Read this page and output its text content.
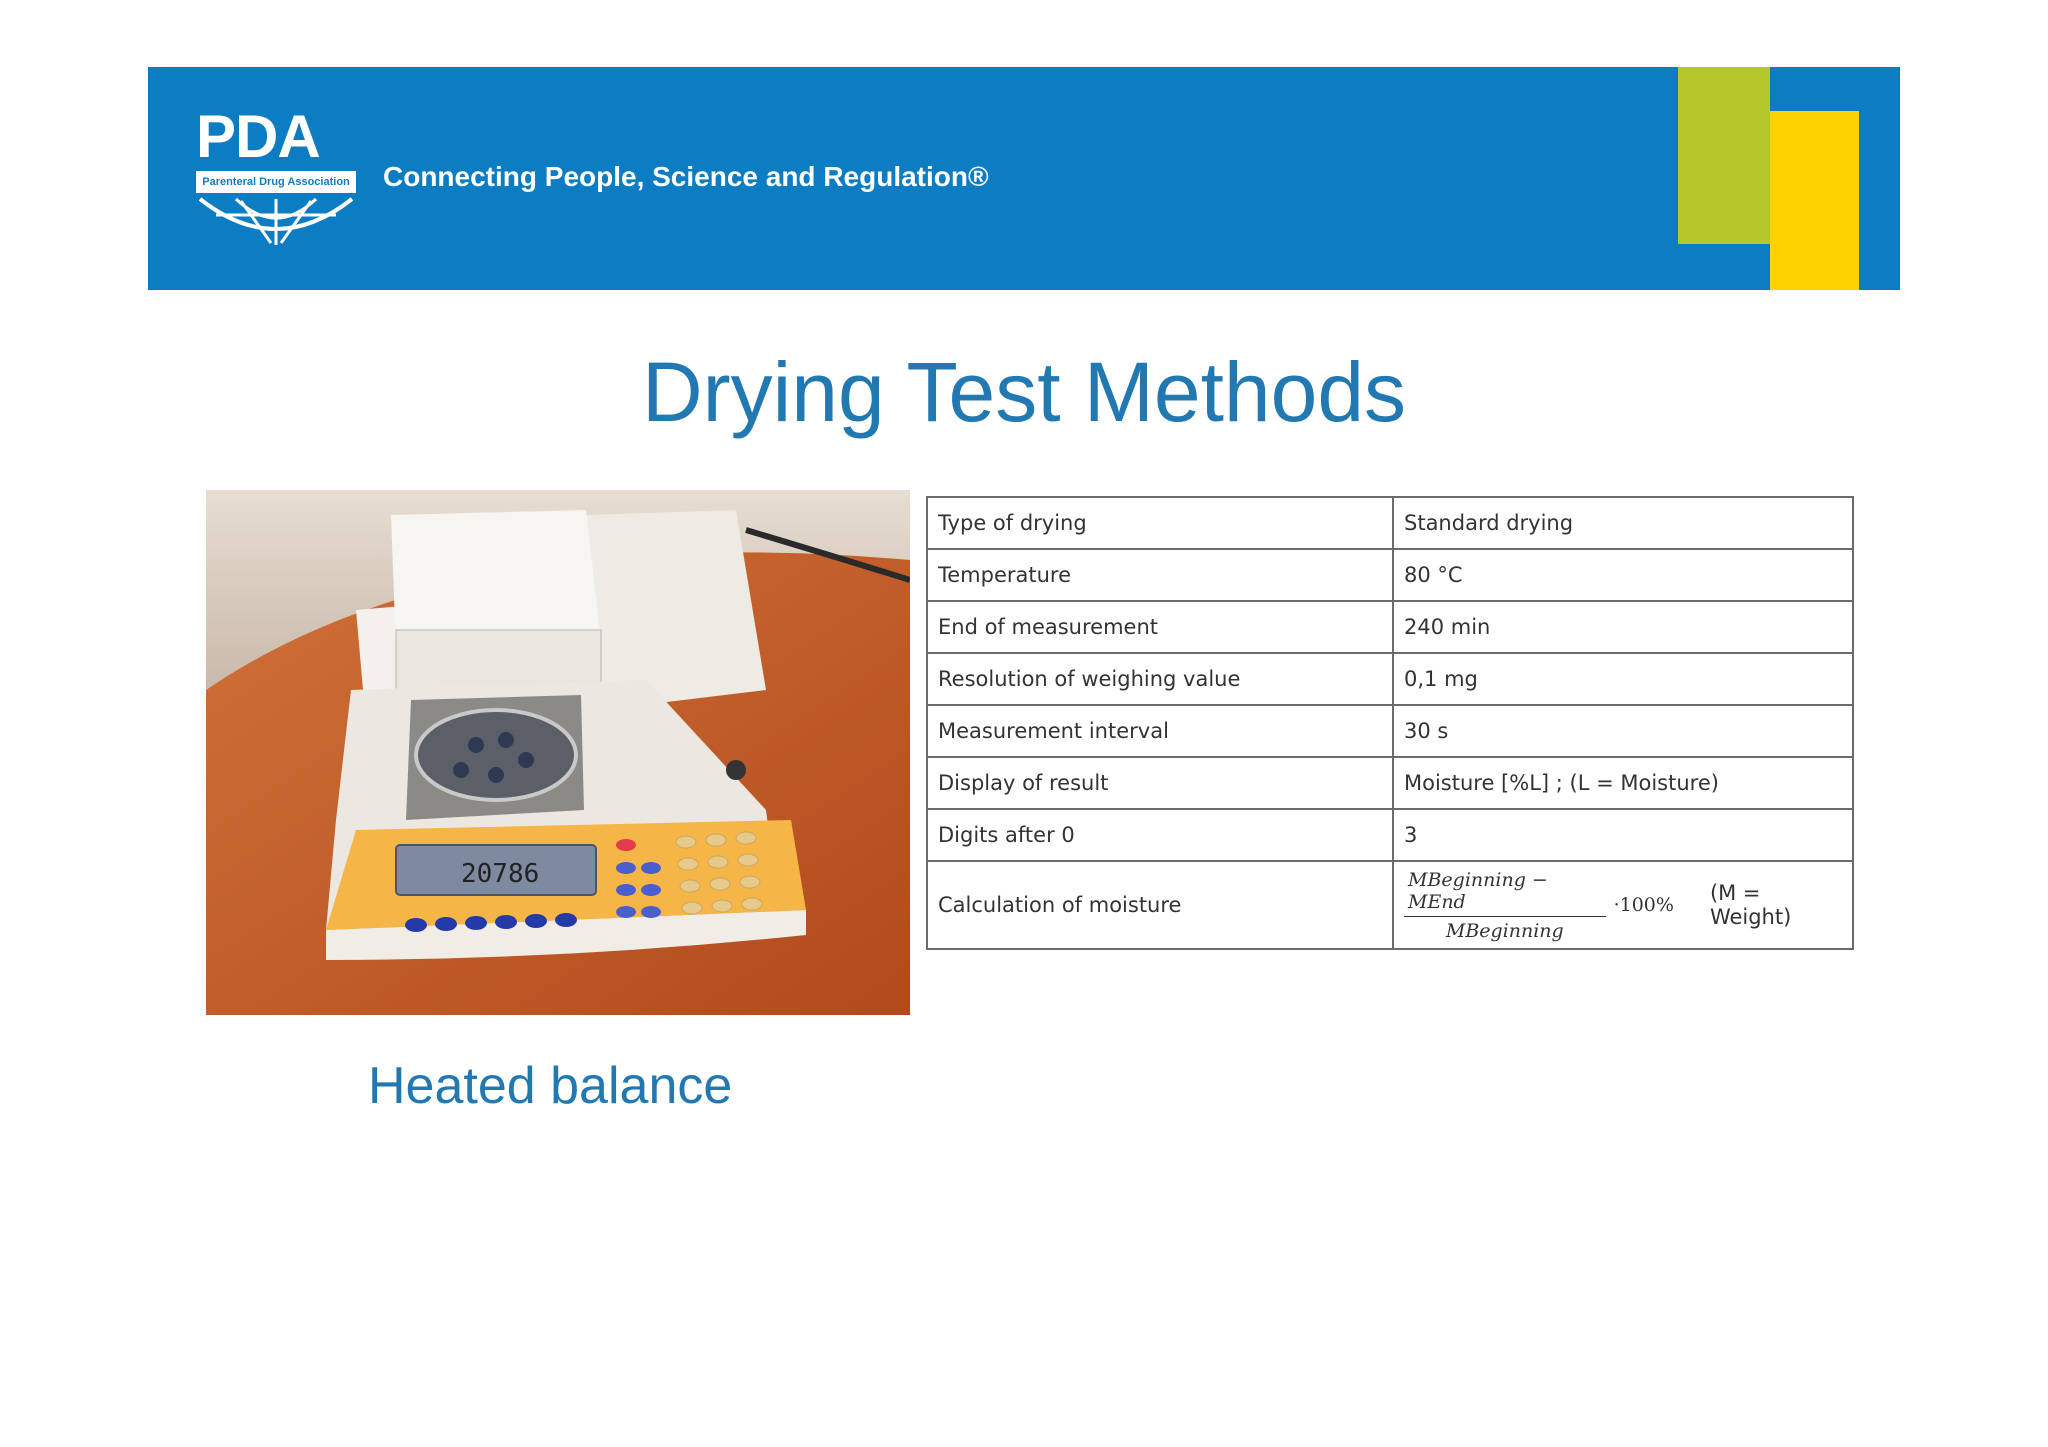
PDA
Parenteral Drug Association Connecting People, Science and Regulation®
Drying Test Methods
20786
Type of drying	Standard drying
Temperature	80 °C
End of measurement	240 min
Resolution of weighing value	0,1 mg
Measurement interval	30 s
Display of result	Moisture [%L] ; (L = Moisture)
Digits after 0	3
Calculation of moisture	$\frac{\text{MBeginning − MEnd}}{\text{MBeginning}} \cdot 100\%$ (M = Weight)
Heated balance
